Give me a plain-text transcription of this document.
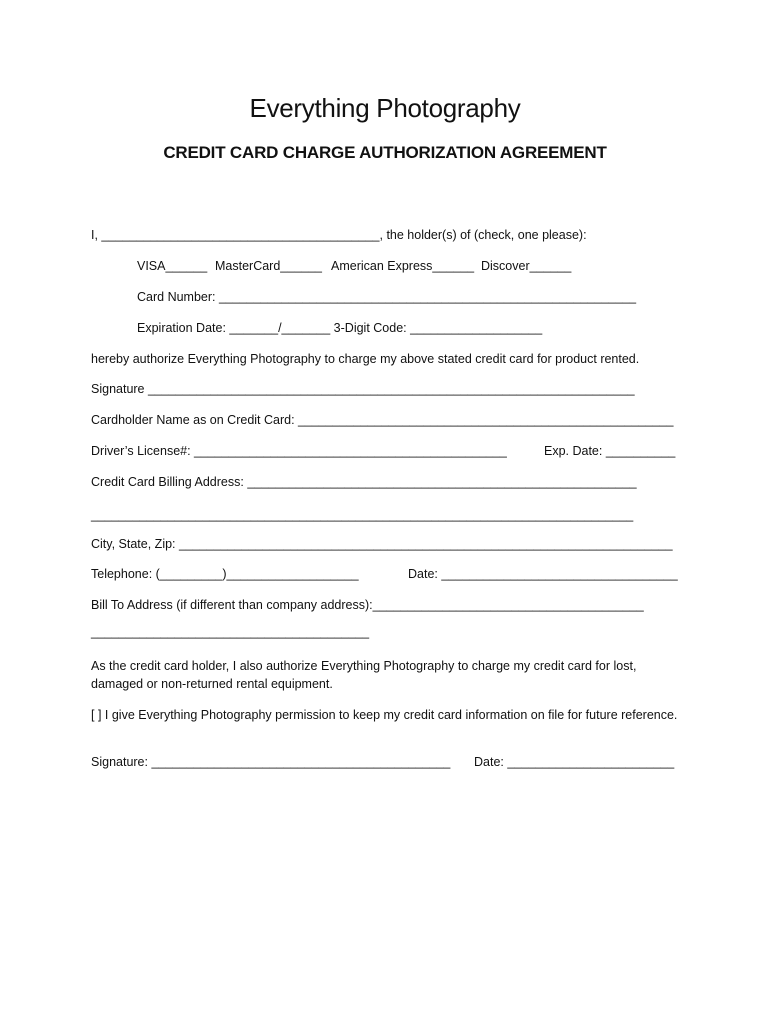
Everything Photography
CREDIT CARD CHARGE AUTHORIZATION AGREEMENT
I, ________________________________________, the holder(s) of (check, one please):
VISA______ MasterCard______ American Express______ Discover______
Card Number: ____________________________________________________________
Expiration Date: _______/_______ 3-Digit Code: ___________________
hereby authorize Everything Photography to charge my above stated credit card for product rented.
Signature ______________________________________________________________________
Cardholder Name as on Credit Card: ______________________________________________________
Driver’s License#: _____________________________________________	Exp. Date: __________
Credit Card Billing Address: ________________________________________________________
______________________________________________________________________________
City, State, Zip: _______________________________________________________________________
Telephone: (_________)___________________	Date: __________________________________
Bill To Address (if different than company address):_______________________________________
________________________________________
As the credit card holder, I also authorize Everything Photography to charge my credit card for lost, damaged or non-returned rental equipment.
[ ] I give Everything Photography permission to keep my credit card information on file for future reference.
Signature: ___________________________________________ Date: ________________________
